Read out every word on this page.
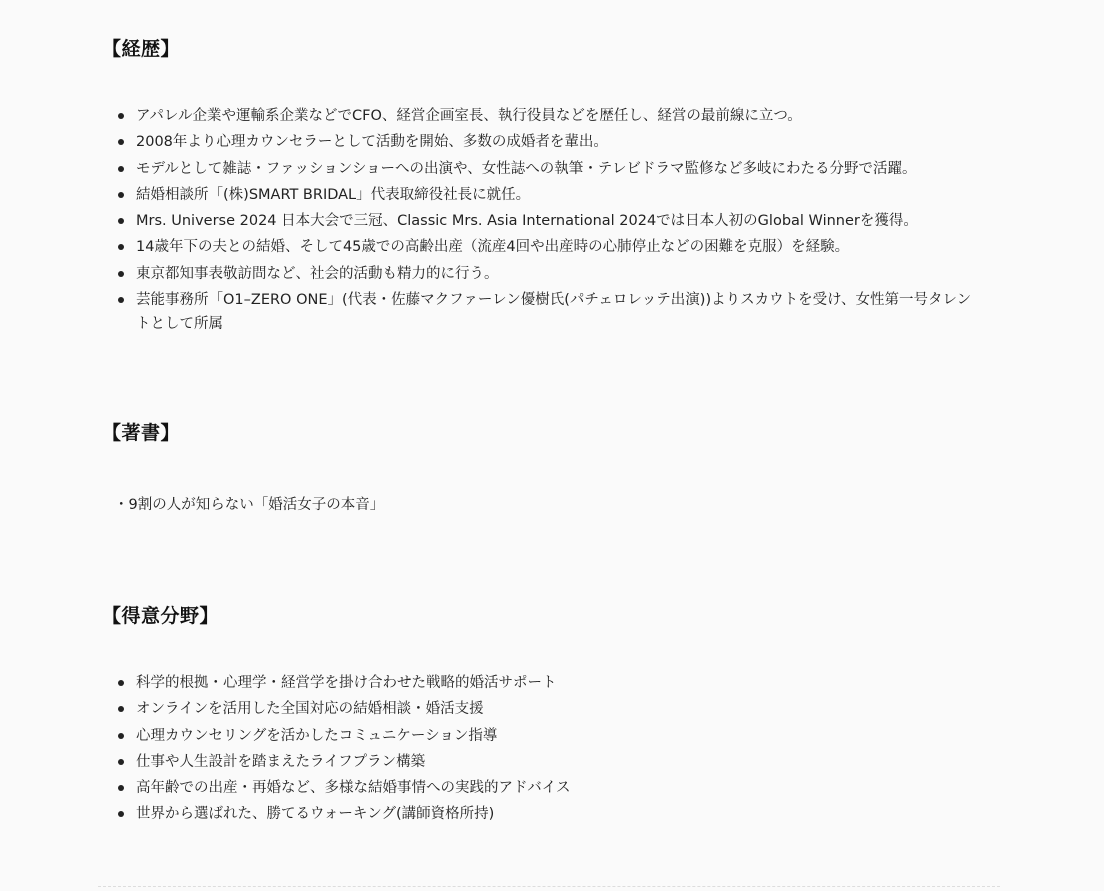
【経歴】
アパレル企業や運輸系企業などでCFO、経営企画室長、執行役員などを歴任し、経営の最前線に立つ。
2008年より心理カウンセラーとして活動を開始、多数の成婚者を輩出。
モデルとして雑誌・ファッションショーへの出演や、女性誌への執筆・テレビドラマ監修など多岐にわたる分野で活躍。
結婚相談所「(株)SMART BRIDAL」代表取締役社長に就任。
Mrs. Universe 2024 日本大会で三冠、Classic Mrs. Asia International 2024では日本人初のGlobal Winnerを獲得。
14歳年下の夫との結婚、そして45歳での高齢出産（流産4回や出産時の心肺停止などの困難を克服）を経験。
東京都知事表敬訪問など、社会的活動も精力的に行う。
芸能事務所「O1–ZERO ONE」(代表・佐藤マクファーレン優樹氏(パチェロレッテ出演))よりスカウトを受け、女性第一号タレントとして所属
【著書】

・9割の人が知らない「婚活女子の本音」

【得意分野】
科学的根拠・心理学・経営学を掛け合わせた戦略的婚活サポート
オンラインを活用した全国対応の結婚相談・婚活支援
心理カウンセリングを活かしたコミュニケーション指導
仕事や人生設計を踏まえたライフプラン構築
高年齢での出産・再婚など、多様な結婚事情への実践的アドバイス
世界から選ばれた、勝てるウォーキング(講師資格所持)
